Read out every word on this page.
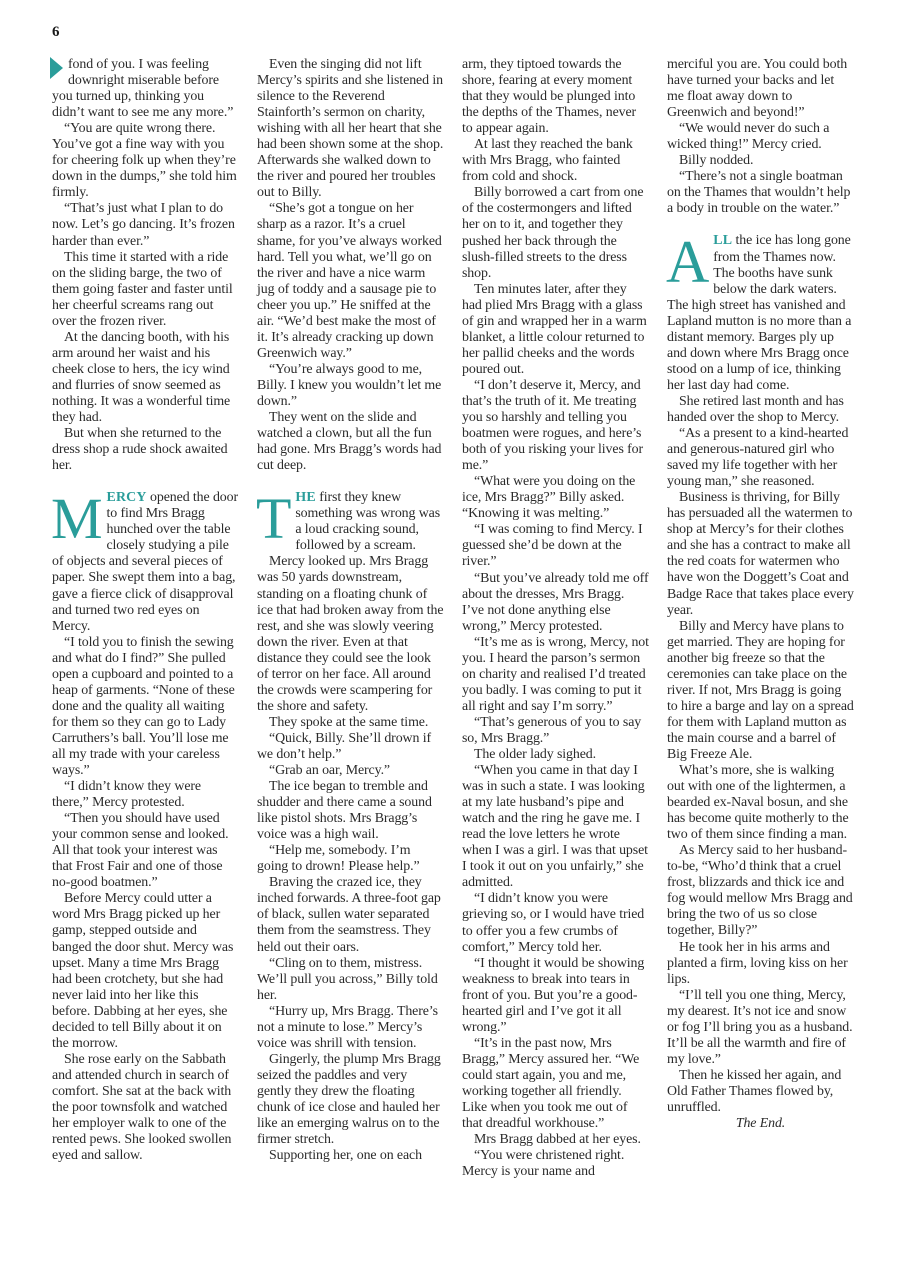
6

fond of you. I was feeling downright miserable before you turned up, thinking you didn’t want to see me any more.”

“You are quite wrong there. You’ve got a fine way with you for cheering folk up when they’re down in the dumps,” she told him firmly.

“That’s just what I plan to do now. Let’s go dancing. It’s frozen harder than ever.”

This time it started with a ride on the sliding barge, the two of them going faster and faster until her cheerful screams rang out over the frozen river.

At the dancing booth, with his arm around her waist and his cheek close to hers, the icy wind and flurries of snow seemed as nothing. It was a wonderful time they had.

But when she returned to the dress shop a rude shock awaited her.

MERCY opened the door to find Mrs Bragg hunched over the table closely studying a pile of objects and several pieces of paper. She swept them into a bag, gave a fierce click of disapproval and turned two red eyes on Mercy.

“I told you to finish the sewing and what do I find?” She pulled open a cupboard and pointed to a heap of garments. “None of these done and the quality all waiting for them so they can go to Lady Carruthers’s ball. You’ll lose me all my trade with your careless ways.”

“I didn’t know they were there,” Mercy protested.

“Then you should have used your common sense and looked. All that took your interest was that Frost Fair and one of those no-good boatmen.”

Before Mercy could utter a word Mrs Bragg picked up her gamp, stepped outside and banged the door shut. Mercy was upset. Many a time Mrs Bragg had been crotchety, but she had never laid into her like this before. Dabbing at her eyes, she decided to tell Billy about it on the morrow.

She rose early on the Sabbath and attended church in search of comfort. She sat at the back with the poor townsfolk and watched her employer walk to one of the rented pews. She looked swollen eyed and sallow.

Even the singing did not lift Mercy’s spirits and she listened in silence to the Reverend Stainforth’s sermon on charity, wishing with all her heart that she had been shown some at the shop. Afterwards she walked down to the river and poured her troubles out to Billy.

“She’s got a tongue on her sharp as a razor. It’s a cruel shame, for you’ve always worked hard. Tell you what, we’ll go on the river and have a nice warm jug of toddy and a sausage pie to cheer you up.” He sniffed at the air. “We’d best make the most of it. It’s already cracking up down Greenwich way.”

“You’re always good to me, Billy. I knew you wouldn’t let me down.”

They went on the slide and watched a clown, but all the fun had gone. Mrs Bragg’s words had cut deep.

THE first they knew something was wrong was a loud cracking sound, followed by a scream.

Mercy looked up. Mrs Bragg was 50 yards downstream, standing on a floating chunk of ice that had broken away from the rest, and she was slowly veering down the river. Even at that distance they could see the look of terror on her face. All around the crowds were scampering for the shore and safety.

They spoke at the same time.

“Quick, Billy. She’ll drown if we don’t help.”

“Grab an oar, Mercy.”

The ice began to tremble and shudder and there came a sound like pistol shots. Mrs Bragg’s voice was a high wail.

“Help me, somebody. I’m going to drown! Please help.”

Braving the crazed ice, they inched forwards. A three-foot gap of black, sullen water separated them from the seamstress. They held out their oars.

“Cling on to them, mistress. We’ll pull you across,” Billy told her.

“Hurry up, Mrs Bragg. There’s not a minute to lose.” Mercy’s voice was shrill with tension.

Gingerly, the plump Mrs Bragg seized the paddles and very gently they drew the floating chunk of ice close and hauled her like an emerging walrus on to the firmer stretch.

Supporting her, one on each

arm, they tiptoed towards the shore, fearing at every moment that they would be plunged into the depths of the Thames, never to appear again.

At last they reached the bank with Mrs Bragg, who fainted from cold and shock.

Billy borrowed a cart from one of the costermongers and lifted her on to it, and together they pushed her back through the slush-filled streets to the dress shop.

Ten minutes later, after they had plied Mrs Bragg with a glass of gin and wrapped her in a warm blanket, a little colour returned to her pallid cheeks and the words poured out.

“I don’t deserve it, Mercy, and that’s the truth of it. Me treating you so harshly and telling you boatmen were rogues, and here’s both of you risking your lives for me.”

“What were you doing on the ice, Mrs Bragg?” Billy asked. “Knowing it was melting.”

“I was coming to find Mercy. I guessed she’d be down at the river.”

“But you’ve already told me off about the dresses, Mrs Bragg. I’ve not done anything else wrong,” Mercy protested.

“It’s me as is wrong, Mercy, not you. I heard the parson’s sermon on charity and realised I’d treated you badly. I was coming to put it all right and say I’m sorry.”

“That’s generous of you to say so, Mrs Bragg.”

The older lady sighed.

“When you came in that day I was in such a state. I was looking at my late husband’s pipe and watch and the ring he gave me. I read the love letters he wrote when I was a girl. I was that upset I took it out on you unfairly,” she admitted.

“I didn’t know you were grieving so, or I would have tried to offer you a few crumbs of comfort,” Mercy told her.

“I thought it would be showing weakness to break into tears in front of you. But you’re a good-hearted girl and I’ve got it all wrong.”

“It’s in the past now, Mrs Bragg,” Mercy assured her. “We could start again, you and me, working together all friendly. Like when you took me out of that dreadful workhouse.”

Mrs Bragg dabbed at her eyes.

“You were christened right. Mercy is your name and

merciful you are. You could both have turned your backs and let me float away down to Greenwich and beyond!”

“We would never do such a wicked thing!” Mercy cried.

Billy nodded.

“There’s not a single boatman on the Thames that wouldn’t help a body in trouble on the water.”

ALL the ice has long gone from the Thames now. The booths have sunk below the dark waters. The high street has vanished and Lapland mutton is no more than a distant memory. Barges ply up and down where Mrs Bragg once stood on a lump of ice, thinking her last day had come.

She retired last month and has handed over the shop to Mercy.

“As a present to a kind-hearted and generous-natured girl who saved my life together with her young man,” she reasoned.

Business is thriving, for Billy has persuaded all the watermen to shop at Mercy’s for their clothes and she has a contract to make all the red coats for watermen who have won the Doggett’s Coat and Badge Race that takes place every year.

Billy and Mercy have plans to get married. They are hoping for another big freeze so that the ceremonies can take place on the river. If not, Mrs Bragg is going to hire a barge and lay on a spread for them with Lapland mutton as the main course and a barrel of Big Freeze Ale.

What’s more, she is walking out with one of the lightermen, a bearded ex-Naval bosun, and she has become quite motherly to the two of them since finding a man.

As Mercy said to her husband-to-be, “Who’d think that a cruel frost, blizzards and thick ice and fog would mellow Mrs Bragg and bring the two of us so close together, Billy?”

He took her in his arms and planted a firm, loving kiss on her lips.

“I’ll tell you one thing, Mercy, my dearest. It’s not ice and snow or fog I’ll bring you as a husband. It’ll be all the warmth and fire of my love.”

Then he kissed her again, and Old Father Thames flowed by, unruffled.

The End.
